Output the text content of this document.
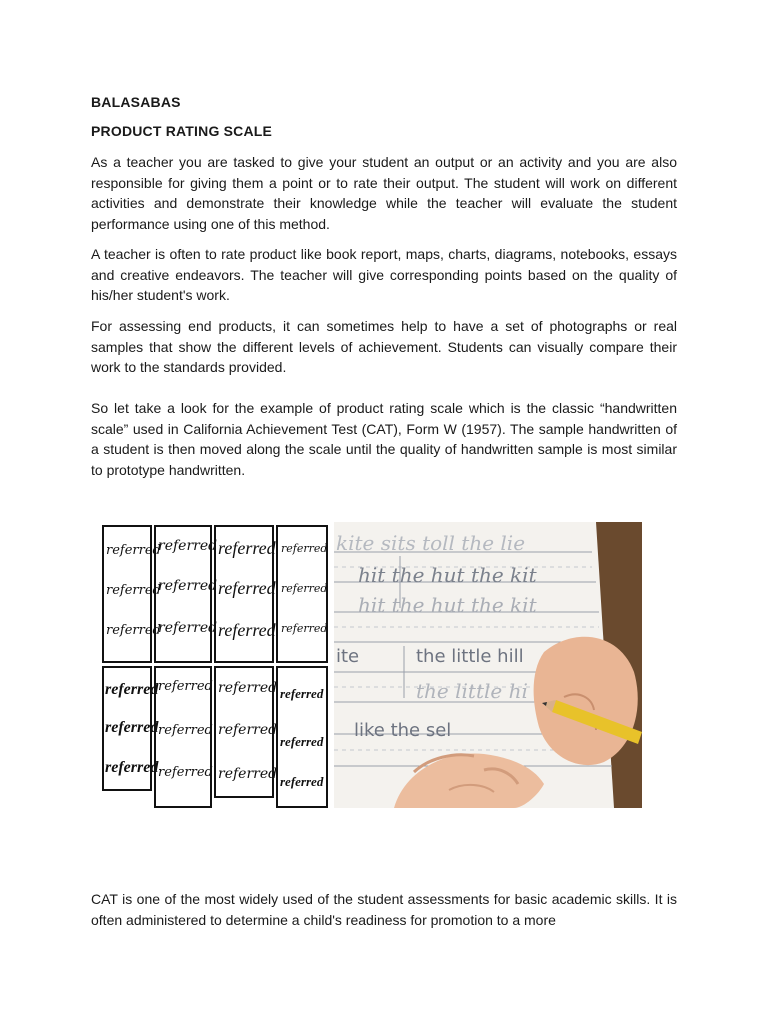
BALASABAS

PRODUCT RATING SCALE

As a teacher you are tasked to give your student an output or an activity and you are also responsible for giving them a point or to rate their output. The student will work on different activities and demonstrate their knowledge while the teacher will evaluate the student performance using one of this method.

A teacher is often to rate product like book report, maps, charts, diagrams, notebooks, essays and creative endeavors. The teacher will give corresponding points based on the quality of his/her student's work.

For assessing end products, it can sometimes help to have a set of photographs or real samples that show the different levels of achievement. Students can visually compare their work to the standards provided.

So let take a look for the example of product rating scale which is the classic “handwritten scale” used in California Achievement Test (CAT), Form W (1957). The sample handwritten of a student is then moved along the scale until the quality of handwritten sample is most similar to prototype handwritten.

referred
referred
referred
referred
referred
referred
referred
referred
referred
referred
referred
referred
referred
referred
referred
referred
referred
referred
referred
referred
referred
referred
referred
referred
kite sits toll the lie
hit the hut the kit
hit the hut the kit
ite	the little hill
like the sel
the little hi

CAT is one of the most widely used of the student assessments for basic academic skills. It is often administered to determine a child's readiness for promotion to a more
